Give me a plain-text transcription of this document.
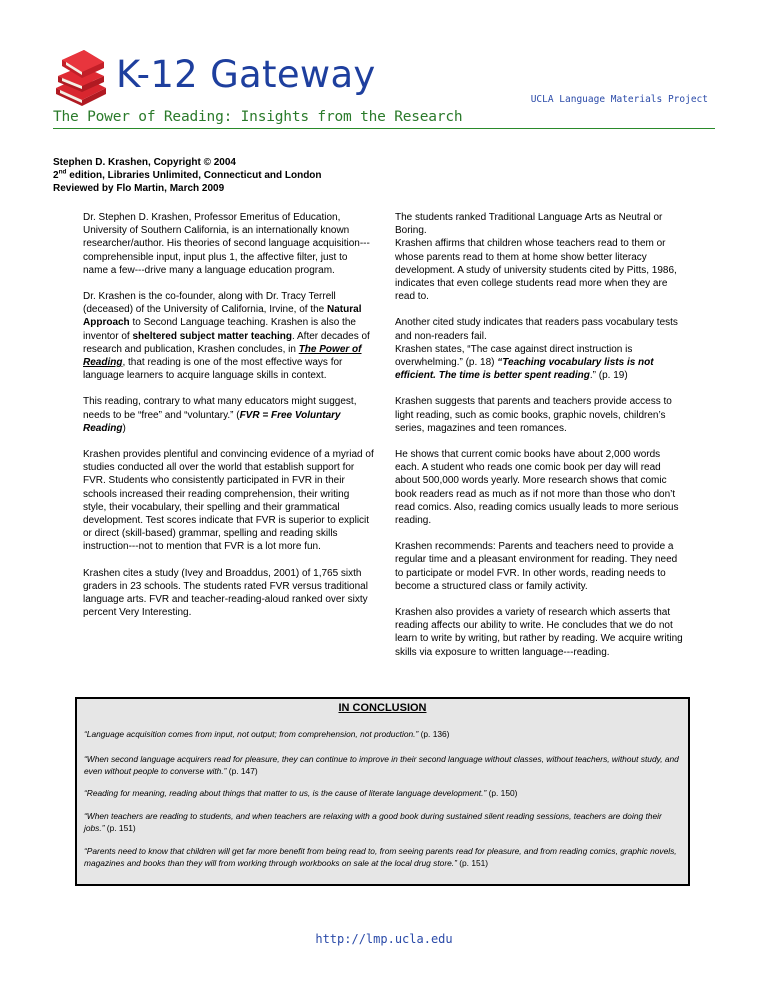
K-12 Gateway
UCLA Language Materials Project
The Power of Reading: Insights from the Research
Stephen D. Krashen, Copyright © 2004
2nd edition, Libraries Unlimited, Connecticut and London
Reviewed by Flo Martin, March 2009

Dr. Stephen D. Krashen, Professor Emeritus of Education, University of Southern California, is an internationally known researcher/author. His theories of second language acquisition---comprehensible input, input plus 1, the affective filter, just to name a few---drive many a language education program.

Dr. Krashen is the co-founder, along with Dr. Tracy Terrell (deceased) of the University of California, Irvine, of the Natural Approach to Second Language teaching. Krashen is also the inventor of sheltered subject matter teaching. After decades of research and publication, Krashen concludes, in The Power of Reading, that reading is one of the most effective ways for language learners to acquire language skills in context.

This reading, contrary to what many educators might suggest, needs to be “free” and “voluntary.” (FVR = Free Voluntary Reading)

Krashen provides plentiful and convincing evidence of a myriad of studies conducted all over the world that establish support for FVR. Students who consistently participated in FVR in their schools increased their reading comprehension, their writing style, their vocabulary, their spelling and their grammatical development. Test scores indicate that FVR is superior to explicit or direct (skill-based) grammar, spelling and reading skills instruction---not to mention that FVR is a lot more fun.

Krashen cites a study (Ivey and Broaddus, 2001) of 1,765 sixth graders in 23 schools. The students rated FVR versus traditional language arts. FVR and teacher-reading-aloud ranked over sixty percent Very Interesting.

The students ranked Traditional Language Arts as Neutral or Boring.

Krashen affirms that children whose teachers read to them or whose parents read to them at home show better literacy development. A study of university students cited by Pitts, 1986, indicates that even college students read more when they are read to.

Another cited study indicates that readers pass vocabulary tests and non-readers fail.

Krashen states, “The case against direct instruction is overwhelming.” (p. 18) “Teaching vocabulary lists is not efficient. The time is better spent reading.” (p. 19)

Krashen suggests that parents and teachers provide access to light reading, such as comic books, graphic novels, children’s series, magazines and teen romances.

He shows that current comic books have about 2,000 words each. A student who reads one comic book per day will read about 500,000 words yearly. More research shows that comic book readers read as much as if not more than those who don’t read comics. Also, reading comics usually leads to more serious reading.

Krashen recommends: Parents and teachers need to provide a regular time and a pleasant environment for reading. They need to participate or model FVR. In other words, reading needs to become a structured class or family activity.

Krashen also provides a variety of research which asserts that reading affects our ability to write. He concludes that we do not learn to write by writing, but rather by reading. We acquire writing skills via exposure to written language---reading.

IN CONCLUSION
“Language acquisition comes from input, not output; from comprehension, not production.” (p. 136)
“When second language acquirers read for pleasure, they can continue to improve in their second language without classes, without teachers, without study, and even without people to converse with.” (p. 147)
“Reading for meaning, reading about things that matter to us, is the cause of literate language development.” (p. 150)
“When teachers are reading to students, and when teachers are relaxing with a good book during sustained silent reading sessions, teachers are doing their jobs.” (p. 151)
“Parents need to know that children will get far more benefit from being read to, from seeing parents read for pleasure, and from reading comics, graphic novels, magazines and books than they will from working through workbooks on sale at the local drug store.” (p. 151)
http://lmp.ucla.edu
